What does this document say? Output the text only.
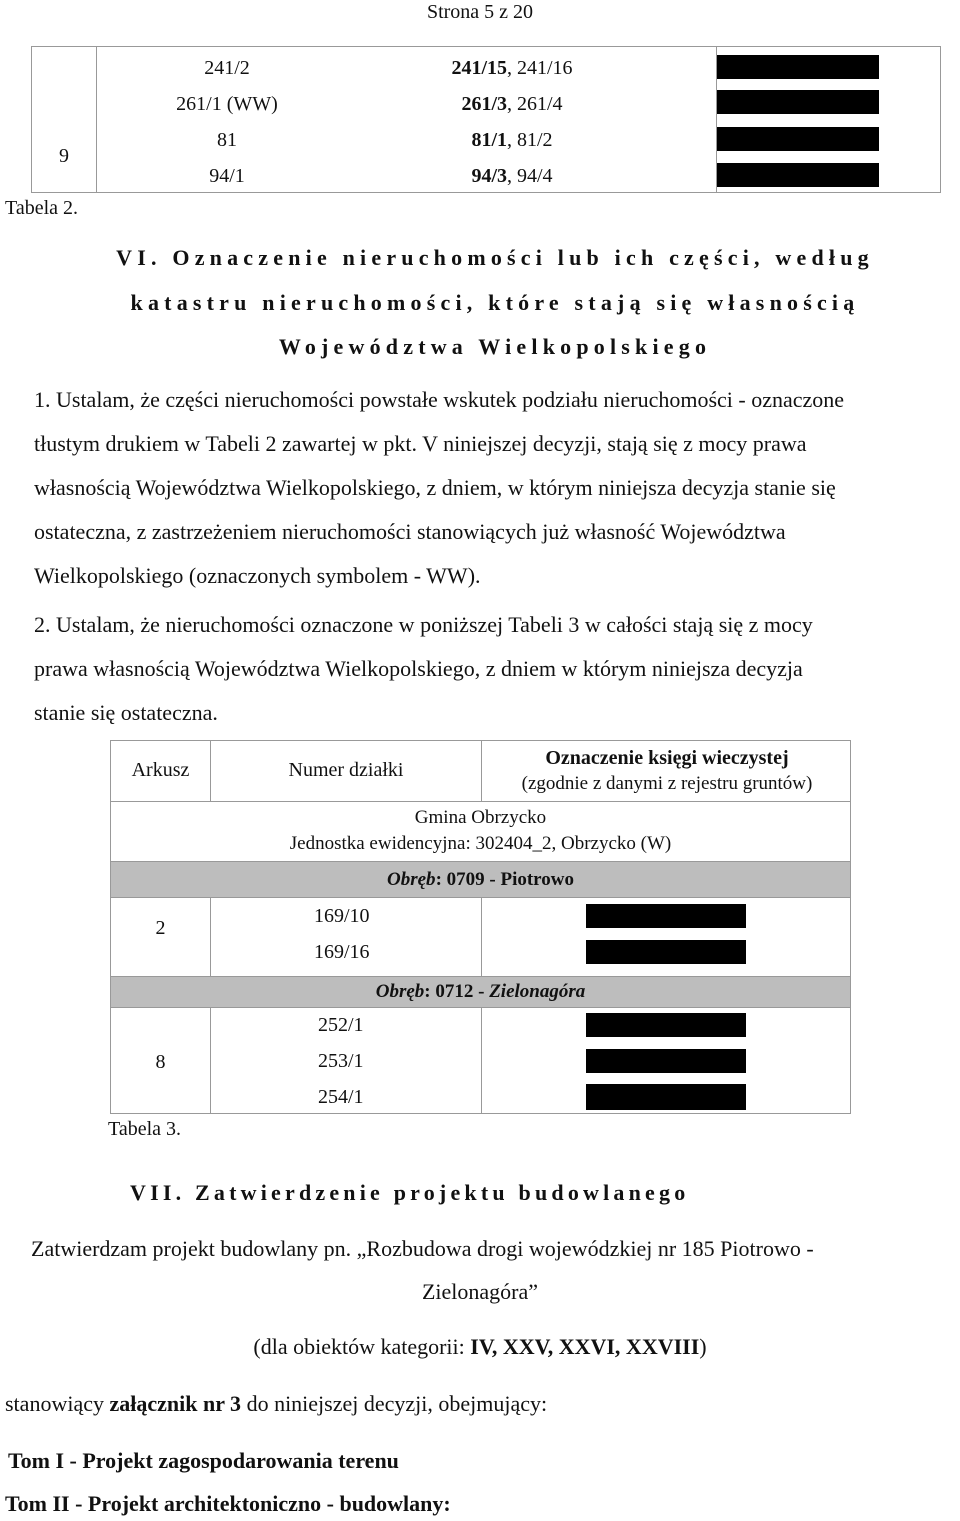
Strona 5 z 20
9
241/2	241/15, 241/16
261/1 (WW)	261/3, 261/4
81	81/1, 81/2
94/1	94/3, 94/4
Tabela 2.
VI. Oznaczenie nieruchomości lub ich części, według
katastru nieruchomości, które stają się własnością
Województwa Wielkopolskiego
1. Ustalam, że części nieruchomości powstałe wskutek podziału nieruchomości - oznaczone
tłustym drukiem w Tabeli 2 zawartej w pkt. V niniejszej decyzji, stają się z mocy prawa
własnością Województwa Wielkopolskiego, z dniem, w którym niniejsza decyzja stanie się
ostateczna, z zastrzeżeniem nieruchomości stanowiących już własność Województwa
Wielkopolskiego (oznaczonych symbolem - WW).
2. Ustalam, że nieruchomości oznaczone w poniższej Tabeli 3 w całości stają się z mocy
prawa własnością Województwa Wielkopolskiego, z dniem w którym niniejsza decyzja
stanie się ostateczna.
Arkusz	Numer działki
Oznaczenie księgi wieczystej
(zgodnie z danymi z rejestru gruntów)
Gmina Obrzycko
Jednostka ewidencyjna: 302404_2, Obrzycko (W)
Obręb: 0709 - Piotrowo
2
169/10
169/16
Obręb: 0712 - Zielonagóra
8
252/1
253/1
254/1
Tabela 3.
VII. Zatwierdzenie projektu budowlanego
Zatwierdzam projekt budowlany pn. „Rozbudowa drogi wojewódzkiej nr 185 Piotrowo -
Zielonagóra”
(dla obiektów kategorii: IV, XXV, XXVI, XXVIII)
stanowiący załącznik nr 3 do niniejszej decyzji, obejmujący:
Tom I - Projekt zagospodarowania terenu
Tom II - Projekt architektoniczno - budowlany:
